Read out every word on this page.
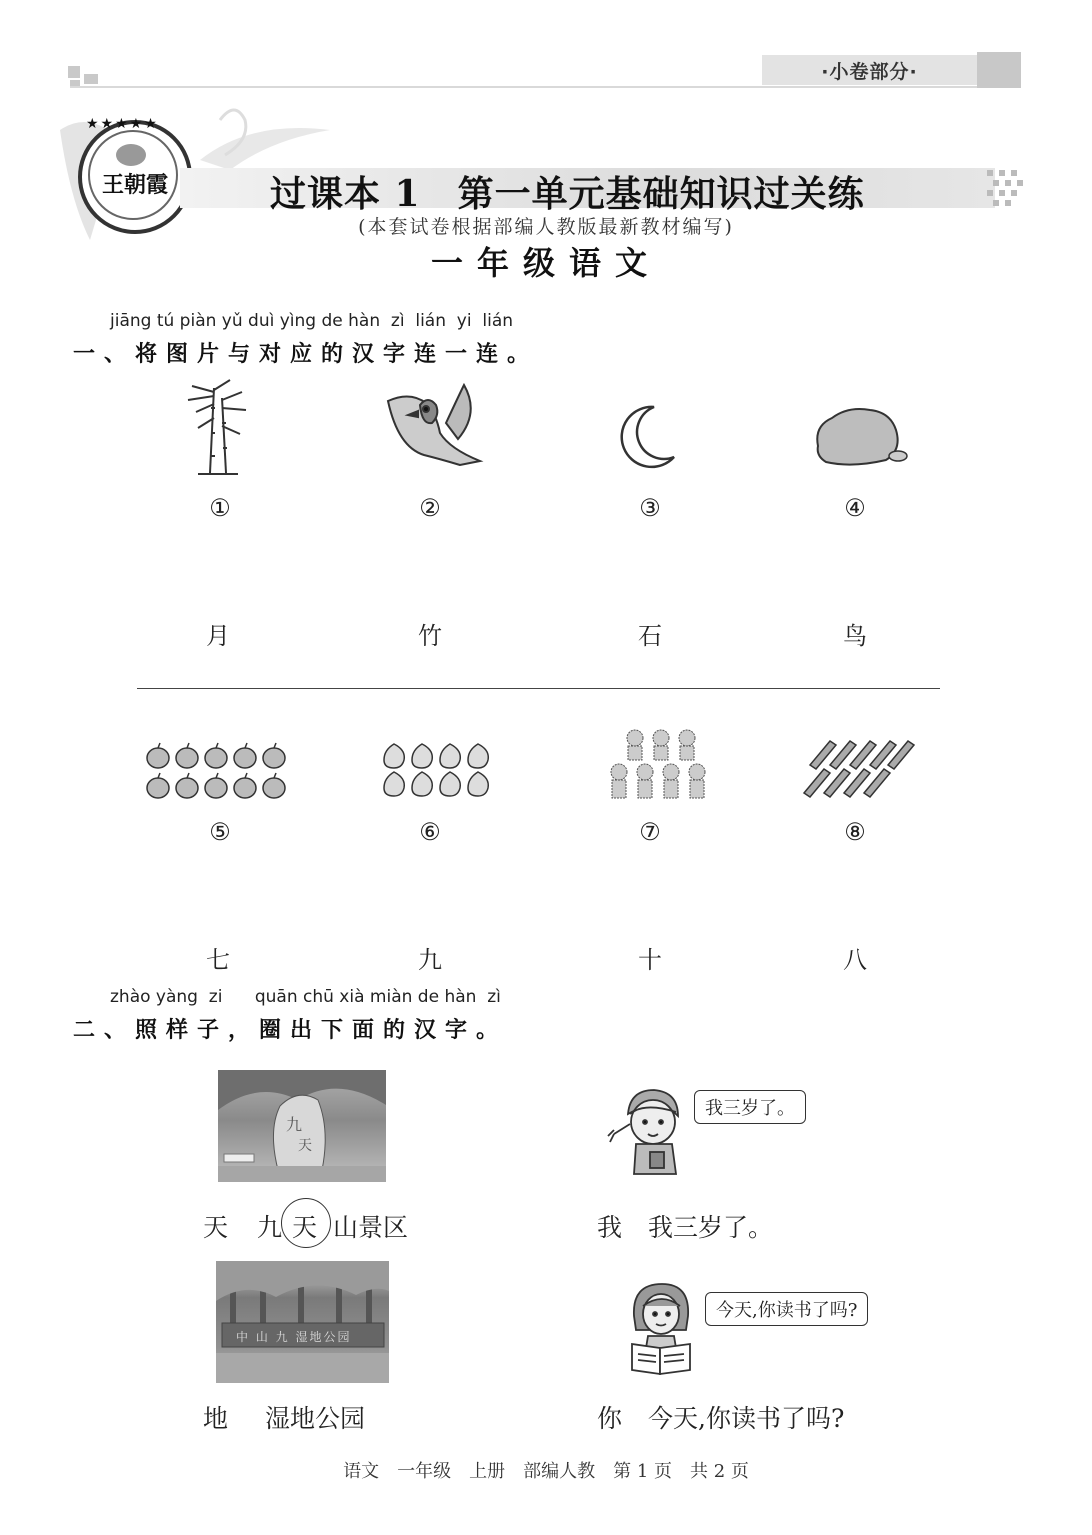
·小卷部分·
王朝霞
★★★★★
过课本 1　第一单元基础知识过关练
(本套试卷根据部编人教版最新教材编写)
一年级语文
jiāng tú piàn yǔ duì yìng de hàn  zì  lián  yi  lián
一、将图片与对应的汉字连一连。
①	②	③	④
月	竹	石	鸟
⑤	⑥	⑦	⑧
七	九	十	八
zhào yàng  zi      quān chū xià miàn de hàn  zì
二、照样子，圈出下面的汉字。
九
天
我三岁了。
天 九 天 山景区	我 我三岁了。
中 山 九 湿地公园
今天,你读书了吗?
地 湿地公园	你 今天,你读书了吗?
语文　一年级　上册　部编人教　第 1 页　共 2 页
